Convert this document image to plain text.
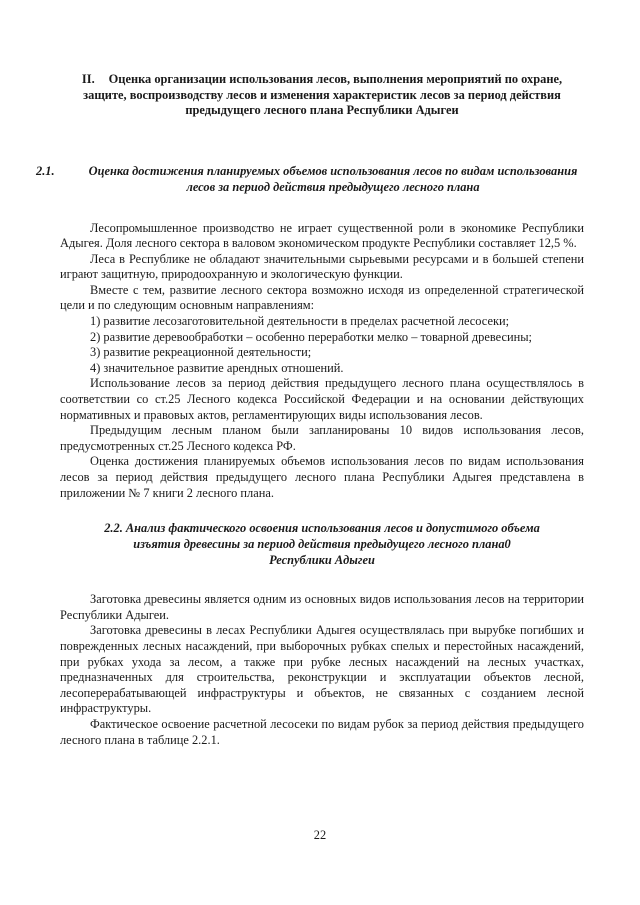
II. Оценка организации использования лесов, выполнения мероприятий по охране, защите, воспроизводству лесов и изменения характеристик лесов за период действия предыдущего лесного плана Республики Адыгеи
2.1.	Оценка достижения планируемых объемов использования лесов по видам использования лесов за период действия предыдущего лесного плана

Лесопромышленное производство не играет существенной роли в экономике Республики Адыгея. Доля лесного сектора в валовом экономическом продукте Республики составляет 12,5 %.

Леса в Республике не обладают значительными сырьевыми ресурсами и в большей степени играют защитную, природоохранную и экологическую функции.

Вместе с тем, развитие лесного сектора возможно исходя из определенной стратегической цели и по следующим основным направлениям:

1) развитие лесозаготовительной деятельности в пределах расчетной лесосеки;

2) развитие деревообработки – особенно переработки мелко – товарной древесины;

3) развитие рекреационной деятельности;

4) значительное развитие арендных отношений.

Использование лесов за период действия предыдущего лесного плана осуществлялось в соответствии со ст.25 Лесного кодекса Российской Федерации и на основании действующих нормативных и правовых актов, регламентирующих виды использования лесов.

Предыдущим лесным планом были запланированы 10 видов использования лесов, предусмотренных ст.25 Лесного кодекса РФ.

Оценка достижения планируемых объемов использования лесов по видам использования лесов за период действия предыдущего лесного плана Республики Адыгея представлена в приложении № 7 книги 2 лесного плана.

2.2. Анализ фактического освоения использования лесов и допустимого объема
изъятия древесины за период действия предыдущего лесного плана0
Республики Адыгеи

Заготовка древесины является одним из основных видов использования лесов на территории Республики Адыгеи.

Заготовка древесины в лесах Республики Адыгея осуществлялась при вырубке погибших и поврежденных лесных насаждений, при выборочных рубках спелых и перестойных насаждений, при рубках ухода за лесом, а также при рубке лесных насаждений на лесных участках, предназначенных для строительства, реконструкции и эксплуатации объектов лесной, лесоперерабатывающей инфраструктуры и объектов, не связанных с созданием лесной инфраструктуры.

Фактическое освоение расчетной лесосеки по видам рубок за период действия предыдущего лесного плана в таблице 2.2.1.

22
